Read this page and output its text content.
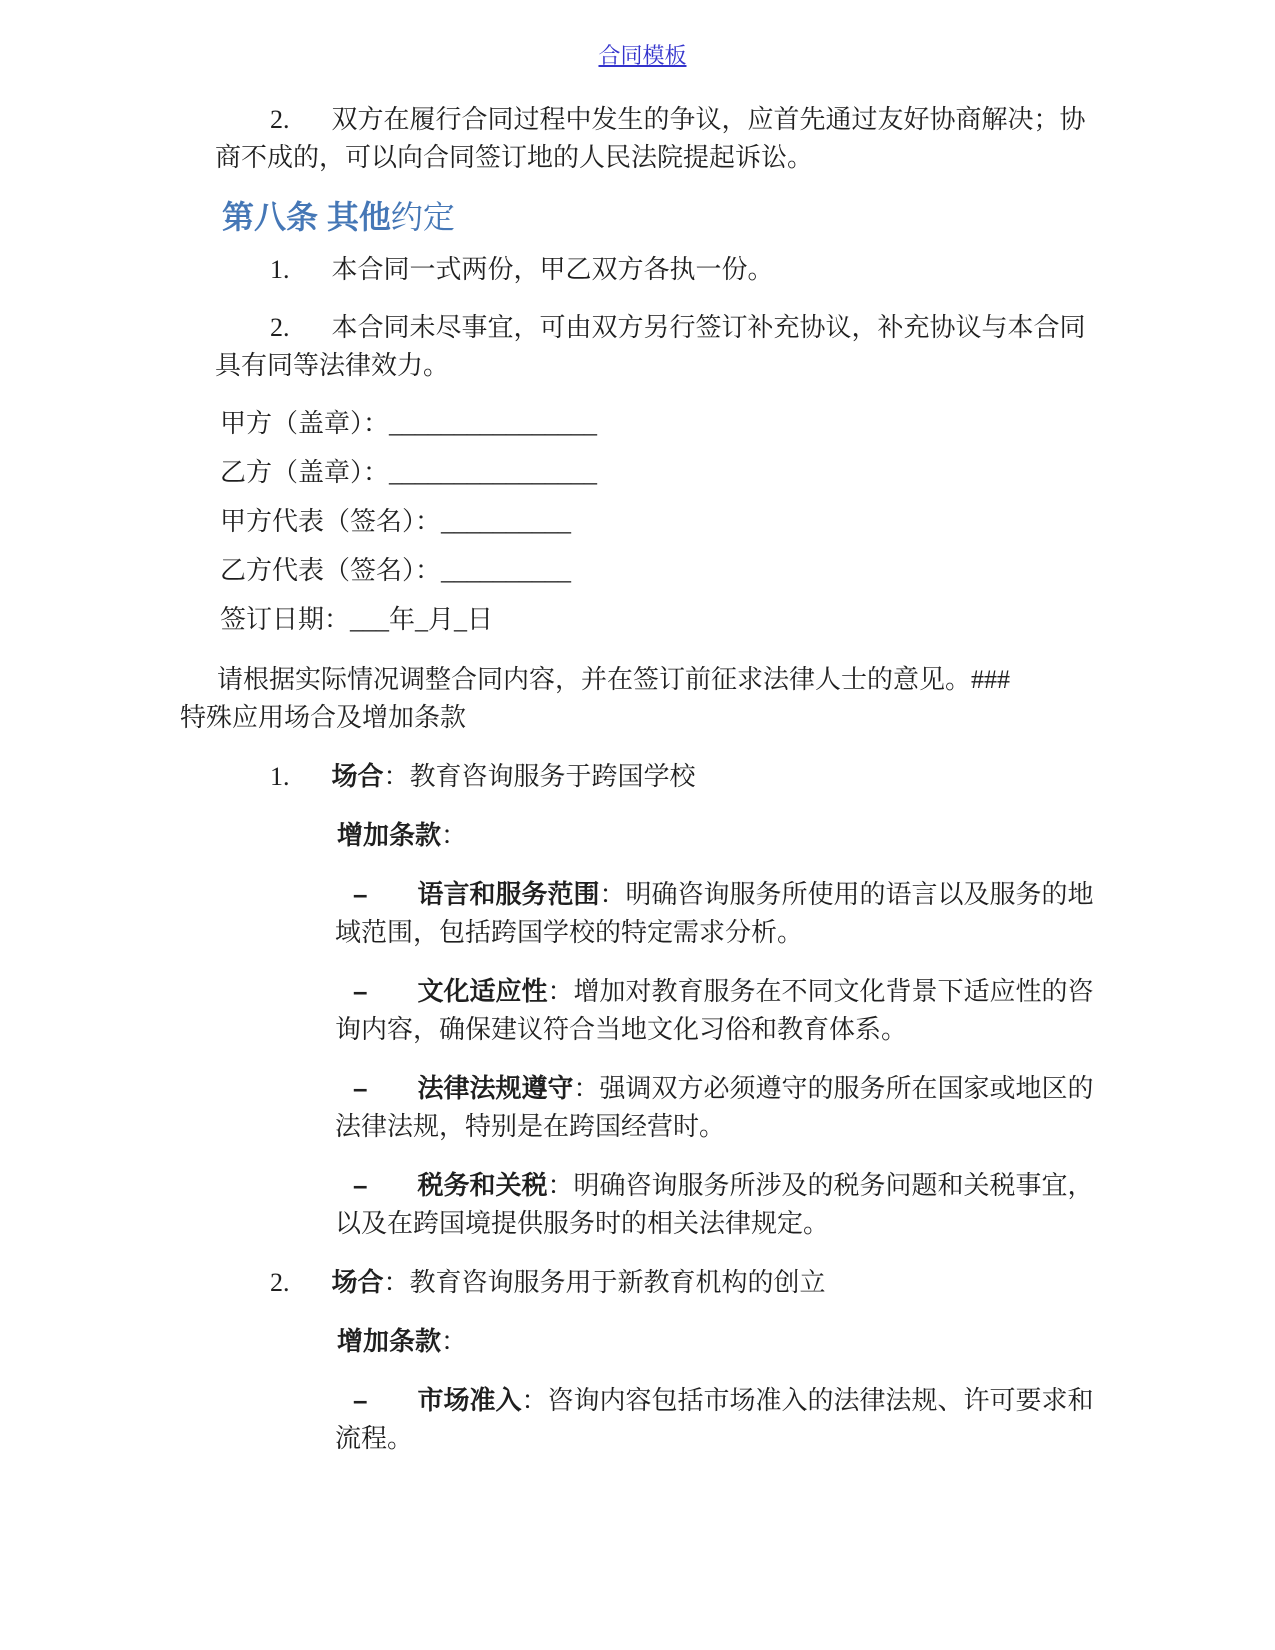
合同模板

2. 双方在履行合同过程中发生的争议，应首先通过友好协商解决；协商不成的，可以向合同签订地的人民法院提起诉讼。

第八条 其他约定

1. 本合同一式两份，甲乙双方各执一份。

2. 本合同未尽事宜，可由双方另行签订补充协议，补充协议与本合同具有同等法律效力。

甲方（盖章）：________________

乙方（盖章）：________________

甲方代表（签名）：__________

乙方代表（签名）：__________

签订日期：___年_月_日

请根据实际情况调整合同内容，并在签订前征求法律人士的意见。###
特殊应用场合及增加条款

1. 场合：教育咨询服务于跨国学校

增加条款：

– 语言和服务范围：明确咨询服务所使用的语言以及服务的地域范围，包括跨国学校的特定需求分析。

– 文化适应性：增加对教育服务在不同文化背景下适应性的咨询内容，确保建议符合当地文化习俗和教育体系。

– 法律法规遵守：强调双方必须遵守的服务所在国家或地区的法律法规，特别是在跨国经营时。

– 税务和关税：明确咨询服务所涉及的税务问题和关税事宜，以及在跨国境提供服务时的相关法律规定。

2. 场合：教育咨询服务用于新教育机构的创立

增加条款：

– 市场准入：咨询内容包括市场准入的法律法规、许可要求和流程。
